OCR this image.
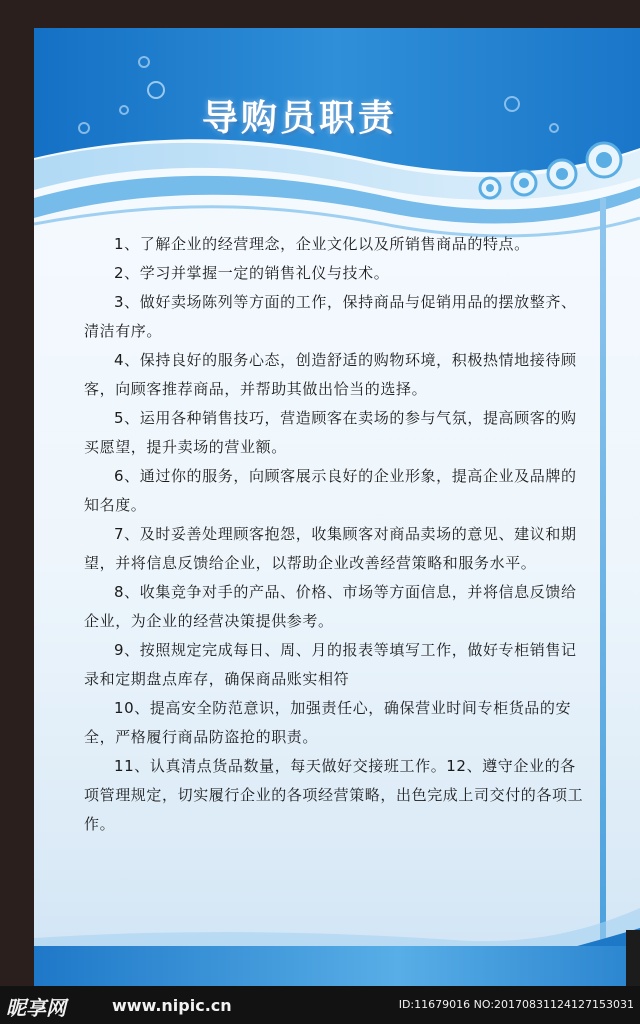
导购员职责

1、了解企业的经营理念，企业文化以及所销售商品的特点。

2、学习并掌握一定的销售礼仪与技术。

3、做好卖场陈列等方面的工作，保持商品与促销用品的摆放整齐、清洁有序。

4、保持良好的服务心态，创造舒适的购物环境，积极热情地接待顾客，向顾客推荐商品，并帮助其做出恰当的选择。

5、运用各种销售技巧，营造顾客在卖场的参与气氛，提高顾客的购买愿望，提升卖场的营业额。

6、通过你的服务，向顾客展示良好的企业形象，提高企业及品牌的知名度。

7、及时妥善处理顾客抱怨，收集顾客对商品卖场的意见、建议和期望，并将信息反馈给企业，以帮助企业改善经营策略和服务水平。

8、收集竞争对手的产品、价格、市场等方面信息，并将信息反馈给企业，为企业的经营决策提供参考。

9、按照规定完成每日、周、月的报表等填写工作，做好专柜销售记录和定期盘点库存，确保商品账实相符

10、提高安全防范意识，加强责任心，确保营业时间专柜货品的安全，严格履行商品防盗抢的职责。

11、认真清点货品数量，每天做好交接班工作。12、遵守企业的各项管理规定，切实履行企业的各项经营策略，出色完成上司交付的各项工作。

昵享网	www.nipic.cn	ID:11679016 NO:20170831124127153031
